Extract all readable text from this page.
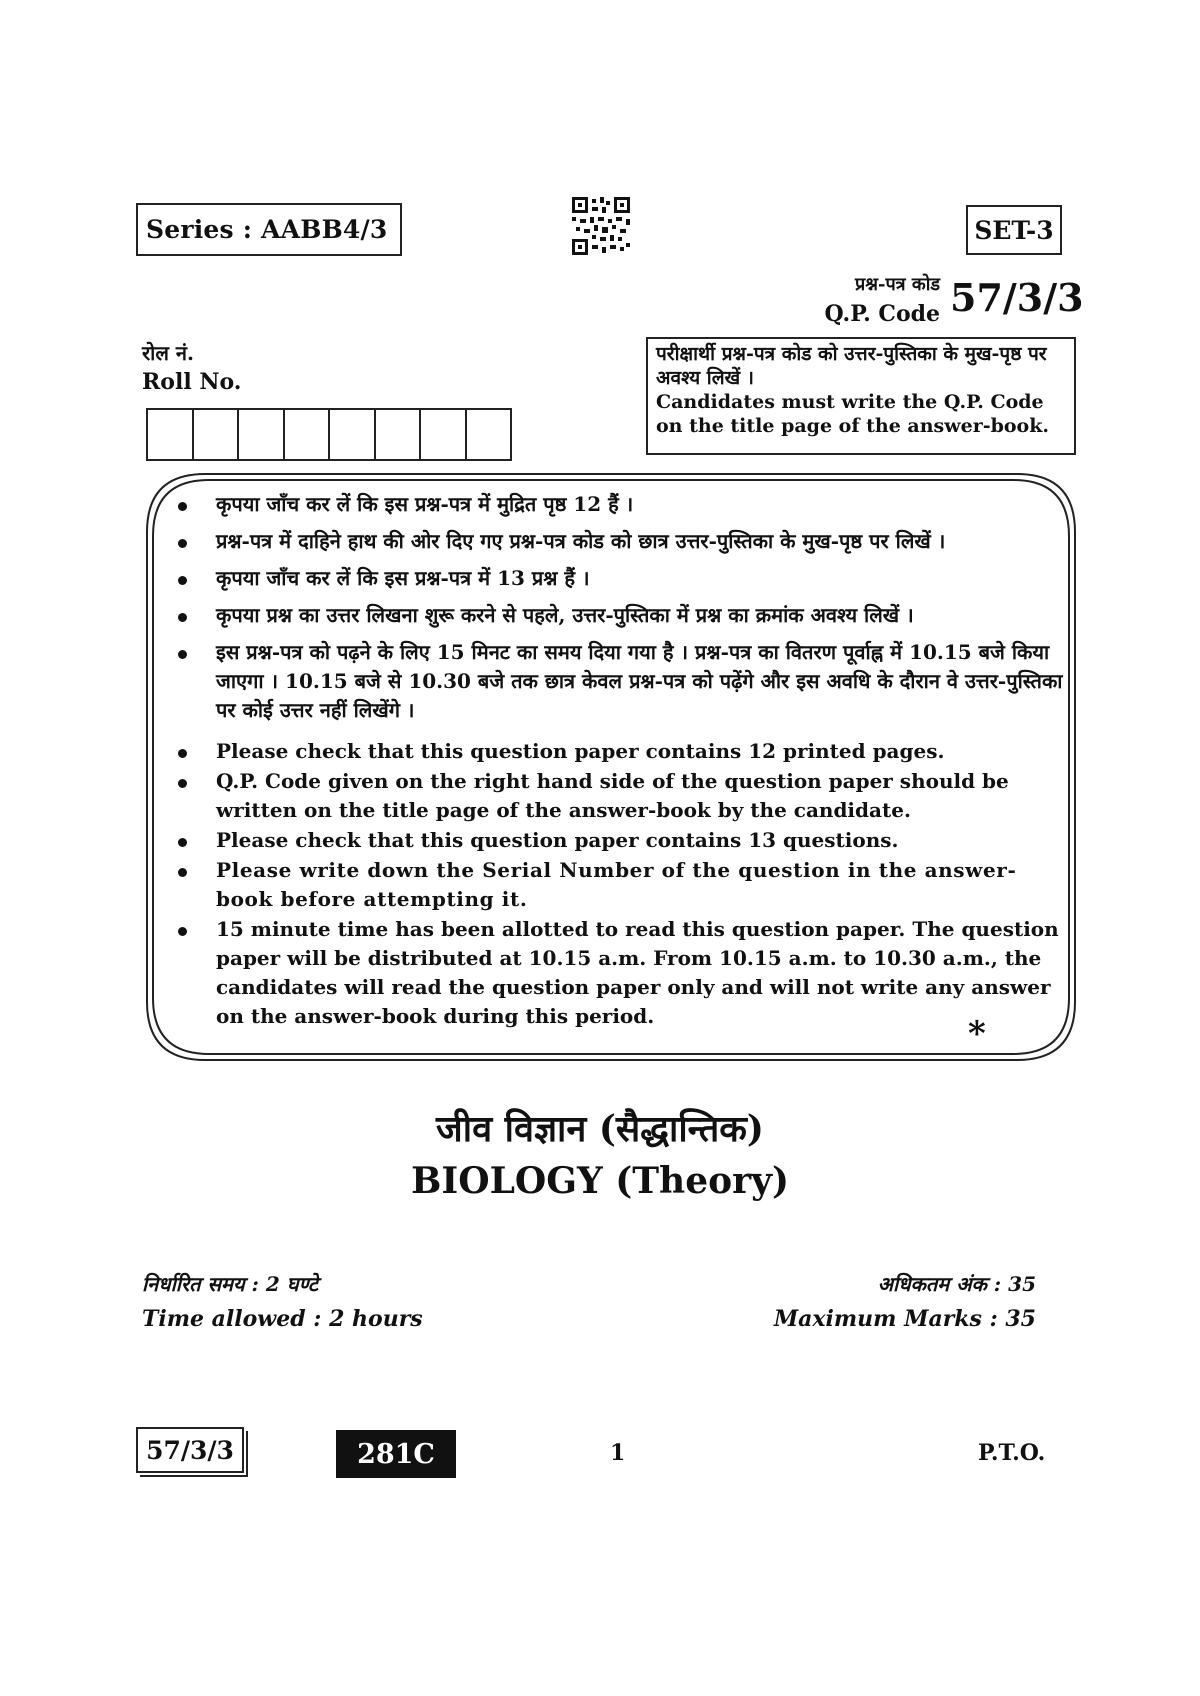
Series : AABB4/3	SET-3
प्रश्न-पत्र कोड
Q.P. Code 57/3/3
रोल नं.
Roll No.

परीक्षार्थी प्रश्न-पत्र कोड को उत्तर-पुस्तिका के मुख-पृष्ठ पर अवश्य लिखें ।

Candidates must write the Q.P. Code on the title page of the answer-book.

कृपया जाँच कर लें कि इस प्रश्न-पत्र में मुद्रित पृष्ठ 12 हैं ।
प्रश्न-पत्र में दाहिने हाथ की ओर दिए गए प्रश्न-पत्र कोड को छात्र उत्तर-पुस्तिका के मुख-पृष्ठ पर लिखें ।
कृपया जाँच कर लें कि इस प्रश्न-पत्र में 13 प्रश्न हैं ।
कृपया प्रश्न का उत्तर लिखना शुरू करने से पहले, उत्तर-पुस्तिका में प्रश्न का क्रमांक अवश्य लिखें ।
इस प्रश्न-पत्र को पढ़ने के लिए 15 मिनट का समय दिया गया है । प्रश्न-पत्र का वितरण पूर्वाह्न में 10.15 बजे किया जाएगा । 10.15 बजे से 10.30 बजे तक छात्र केवल प्रश्न-पत्र को पढ़ेंगे और इस अवधि के दौरान वे उत्तर-पुस्तिका पर कोई उत्तर नहीं लिखेंगे ।
Please check that this question paper contains 12 printed pages.
Q.P. Code given on the right hand side of the question paper should be written on the title page of the answer-book by the candidate.
Please check that this question paper contains 13 questions.
Please write down the Serial Number of the question in the answer-book before attempting it.
15 minute time has been allotted to read this question paper. The question paper will be distributed at 10.15 a.m. From 10.15 a.m. to 10.30 a.m., the candidates will read the question paper only and will not write any answer on the answer-book during this period.	*
जीव विज्ञान (सैद्धान्तिक)
BIOLOGY (Theory)
निर्धारित समय : 2 घण्टे
Time allowed : 2 hours
अधिकतम अंक : 35
Maximum Marks : 35
57/3/3	281C	1	P.T.O.
